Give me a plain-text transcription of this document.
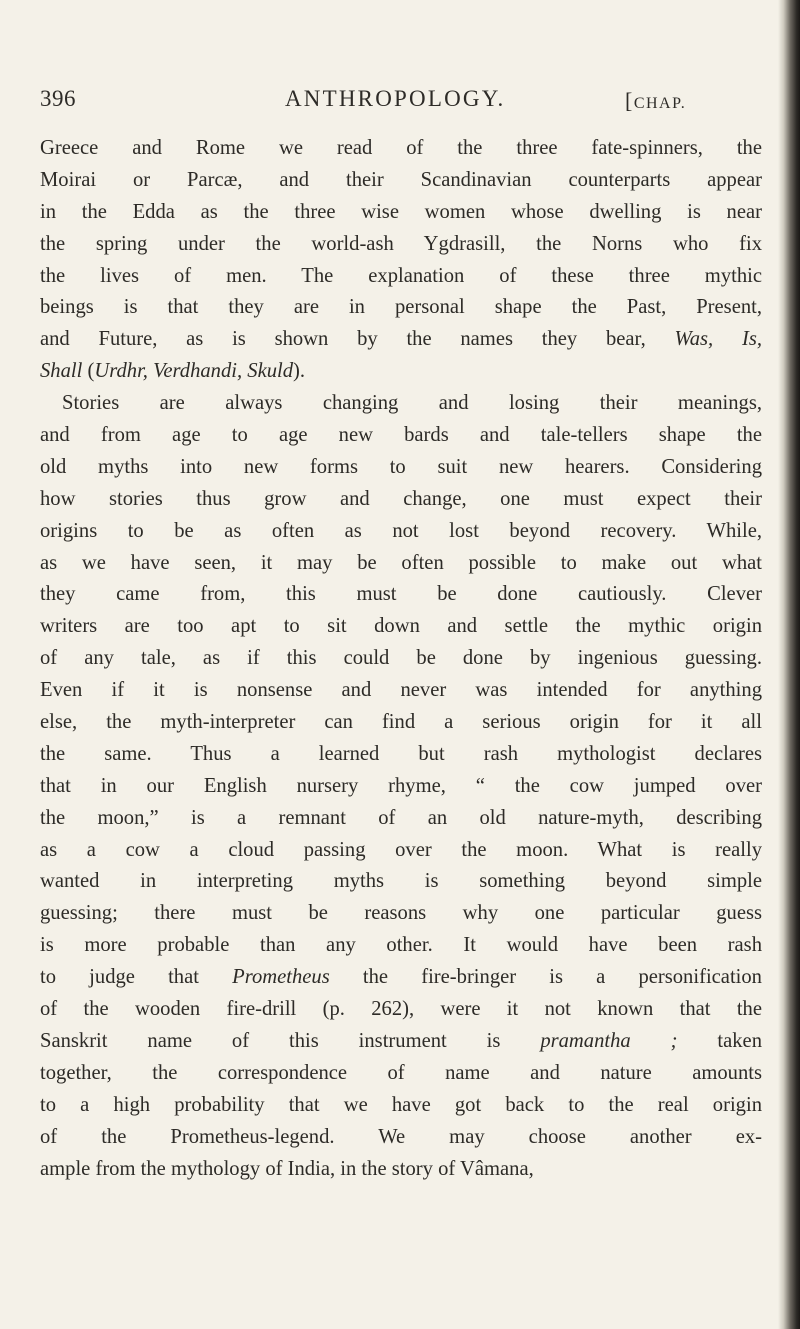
396	ANTHROPOLOGY.	[CHAP.
Greece and Rome we read of the three fate-spinners, the
Moirai or Parcæ, and their Scandinavian counterparts appear
in the Edda as the three wise women whose dwelling is near
the spring under the world-ash Ygdrasill, the Norns who fix
the lives of men. The explanation of these three mythic
beings is that they are in personal shape the Past, Present,
and Future, as is shown by the names they bear, Was, Is,
Shall (Urdhr, Verdhandi, Skuld).
Stories are always changing and losing their meanings,
and from age to age new bards and tale-tellers shape the
old myths into new forms to suit new hearers. Considering
how stories thus grow and change, one must expect their
origins to be as often as not lost beyond recovery. While,
as we have seen, it may be often possible to make out what
they came from, this must be done cautiously. Clever
writers are too apt to sit down and settle the mythic origin
of any tale, as if this could be done by ingenious guessing.
Even if it is nonsense and never was intended for anything
else, the myth-interpreter can find a serious origin for it all
the same. Thus a learned but rash mythologist declares
that in our English nursery rhyme, “ the cow jumped over
the moon,” is a remnant of an old nature-myth, describing
as a cow a cloud passing over the moon. What is really
wanted in interpreting myths is something beyond simple
guessing; there must be reasons why one particular guess
is more probable than any other. It would have been rash
to judge that Prometheus the fire-bringer is a personification
of the wooden fire-drill (p. 262), were it not known that the
Sanskrit name of this instrument is pramantha ; taken
together, the correspondence of name and nature amounts
to a high probability that we have got back to the real origin
of the Prometheus-legend. We may choose another ex-
ample from the mythology of India, in the story of Vâmana,
